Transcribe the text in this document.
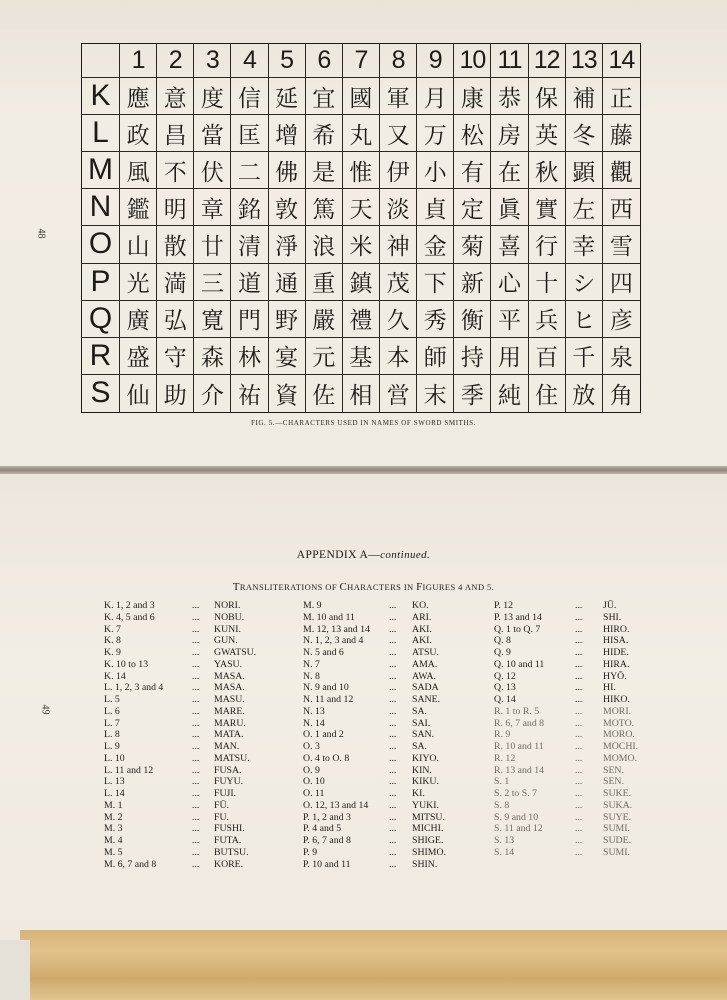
48
1 2 3 4 5 6 7 8 9 10 11 12 13 14
K 應 意 度 信 延 宜 國 軍 月 康 恭 保 補 正
L 政 昌 當 匡 增 希 丸 又 万 松 房 英 冬 藤
M 風 不 伏 二 佛 是 惟 伊 小 有 在 秋 顕 觀
N 鑑 明 章 銘 敦 篤 天 淡 貞 定 眞 實 左 西
O 山 散 廿 清 淨 浪 米 神 金 菊 喜 行 幸 雪
P 光 満 三 道 通 重 鎮 茂 下 新 心 十 シ 四
Q 廣 弘 寛 門 野 嚴 禮 久 秀 衡 平 兵 ヒ 彦
R 盛 守 森 林 宴 元 基 本 師 持 用 百 千 泉
S 仙 助 介 祐 資 佐 相 営 末 季 純 住 放 角
FIG. 5.—CHARACTERS USED IN NAMES OF SWORD SMITHS.
49
APPENDIX A—continued.
TRANSLITERATIONS OF CHARACTERS IN FIGURES 4 AND 5.
K. 1, 2 and 3	... NORI.
K. 4, 5 and 6	... NOBU.
K. 7	... KUNI.
K. 8	... GUN.
K. 9	... GWATSU.
K. 10 to 13	... YASU.
K. 14	... MASA.
L. 1, 2, 3 and 4	... MASA.
L. 5	... MASU.
L. 6	... MARE.
L. 7	... MARU.
L. 8	... MATA.
L. 9	... MAN.
L. 10	... MATSU.
L. 11 and 12	... FUSA.
L. 13	... FUYU.
L. 14	... FUJI.
M. 1	... FŪ.
M. 2	... FU.
M. 3	... FUSHI.
M. 4	... FUTA.
M. 5	... BUTSU.
M. 6, 7 and 8	... KORE.
M. 9	... KO.
M. 10 and 11	... ARI.
M. 12, 13 and 14 ... AKI.
N. 1, 2, 3 and 4	... AKI.
N. 5 and 6	... ATSU.
N. 7	... AMA.
N. 8	... AWA.
N. 9 and 10	... SADA
N. 11 and 12	... SANE.
N. 13	... SA.
N. 14	... SAI.
O. 1 and 2	... SAN.
O. 3	... SA.
O. 4 to O. 8	... KIYO.
O. 9	... KIN.
O. 10	... KIKU.
O. 11	... KI.
O. 12, 13 and 14 ... YUKI.
P. 1, 2 and 3	... MITSU.
P. 4 and 5	... MICHI.
P. 6, 7 and 8	... SHIGE.
P. 9	... SHIMO.
P. 10 and 11	... SHIN.
P. 12	... JŪ.
P. 13 and 14	... SHI.
Q. 1 to Q. 7	... HIRO.
Q. 8	... HISA.
Q. 9	... HIDE.
Q. 10 and 11	... HIRA.
Q. 12	... HYŌ.
Q. 13	... HI.
Q. 14	... HIKO.
R. 1 to R. 5	... MORI.
R. 6, 7 and 8	... MOTO.
R. 9	... MORO.
R. 10 and 11	... MOCHI.
R. 12	... MOMO.
R. 13 and 14	... SEN.
S. 1	... SEN.
S. 2 to S. 7	... SUKE.
S. 8	... SUKA.
S. 9 and 10	... SUYE.
S. 11 and 12	... SUMI.
S. 13	... SUDE.
S. 14	... SUMI.
